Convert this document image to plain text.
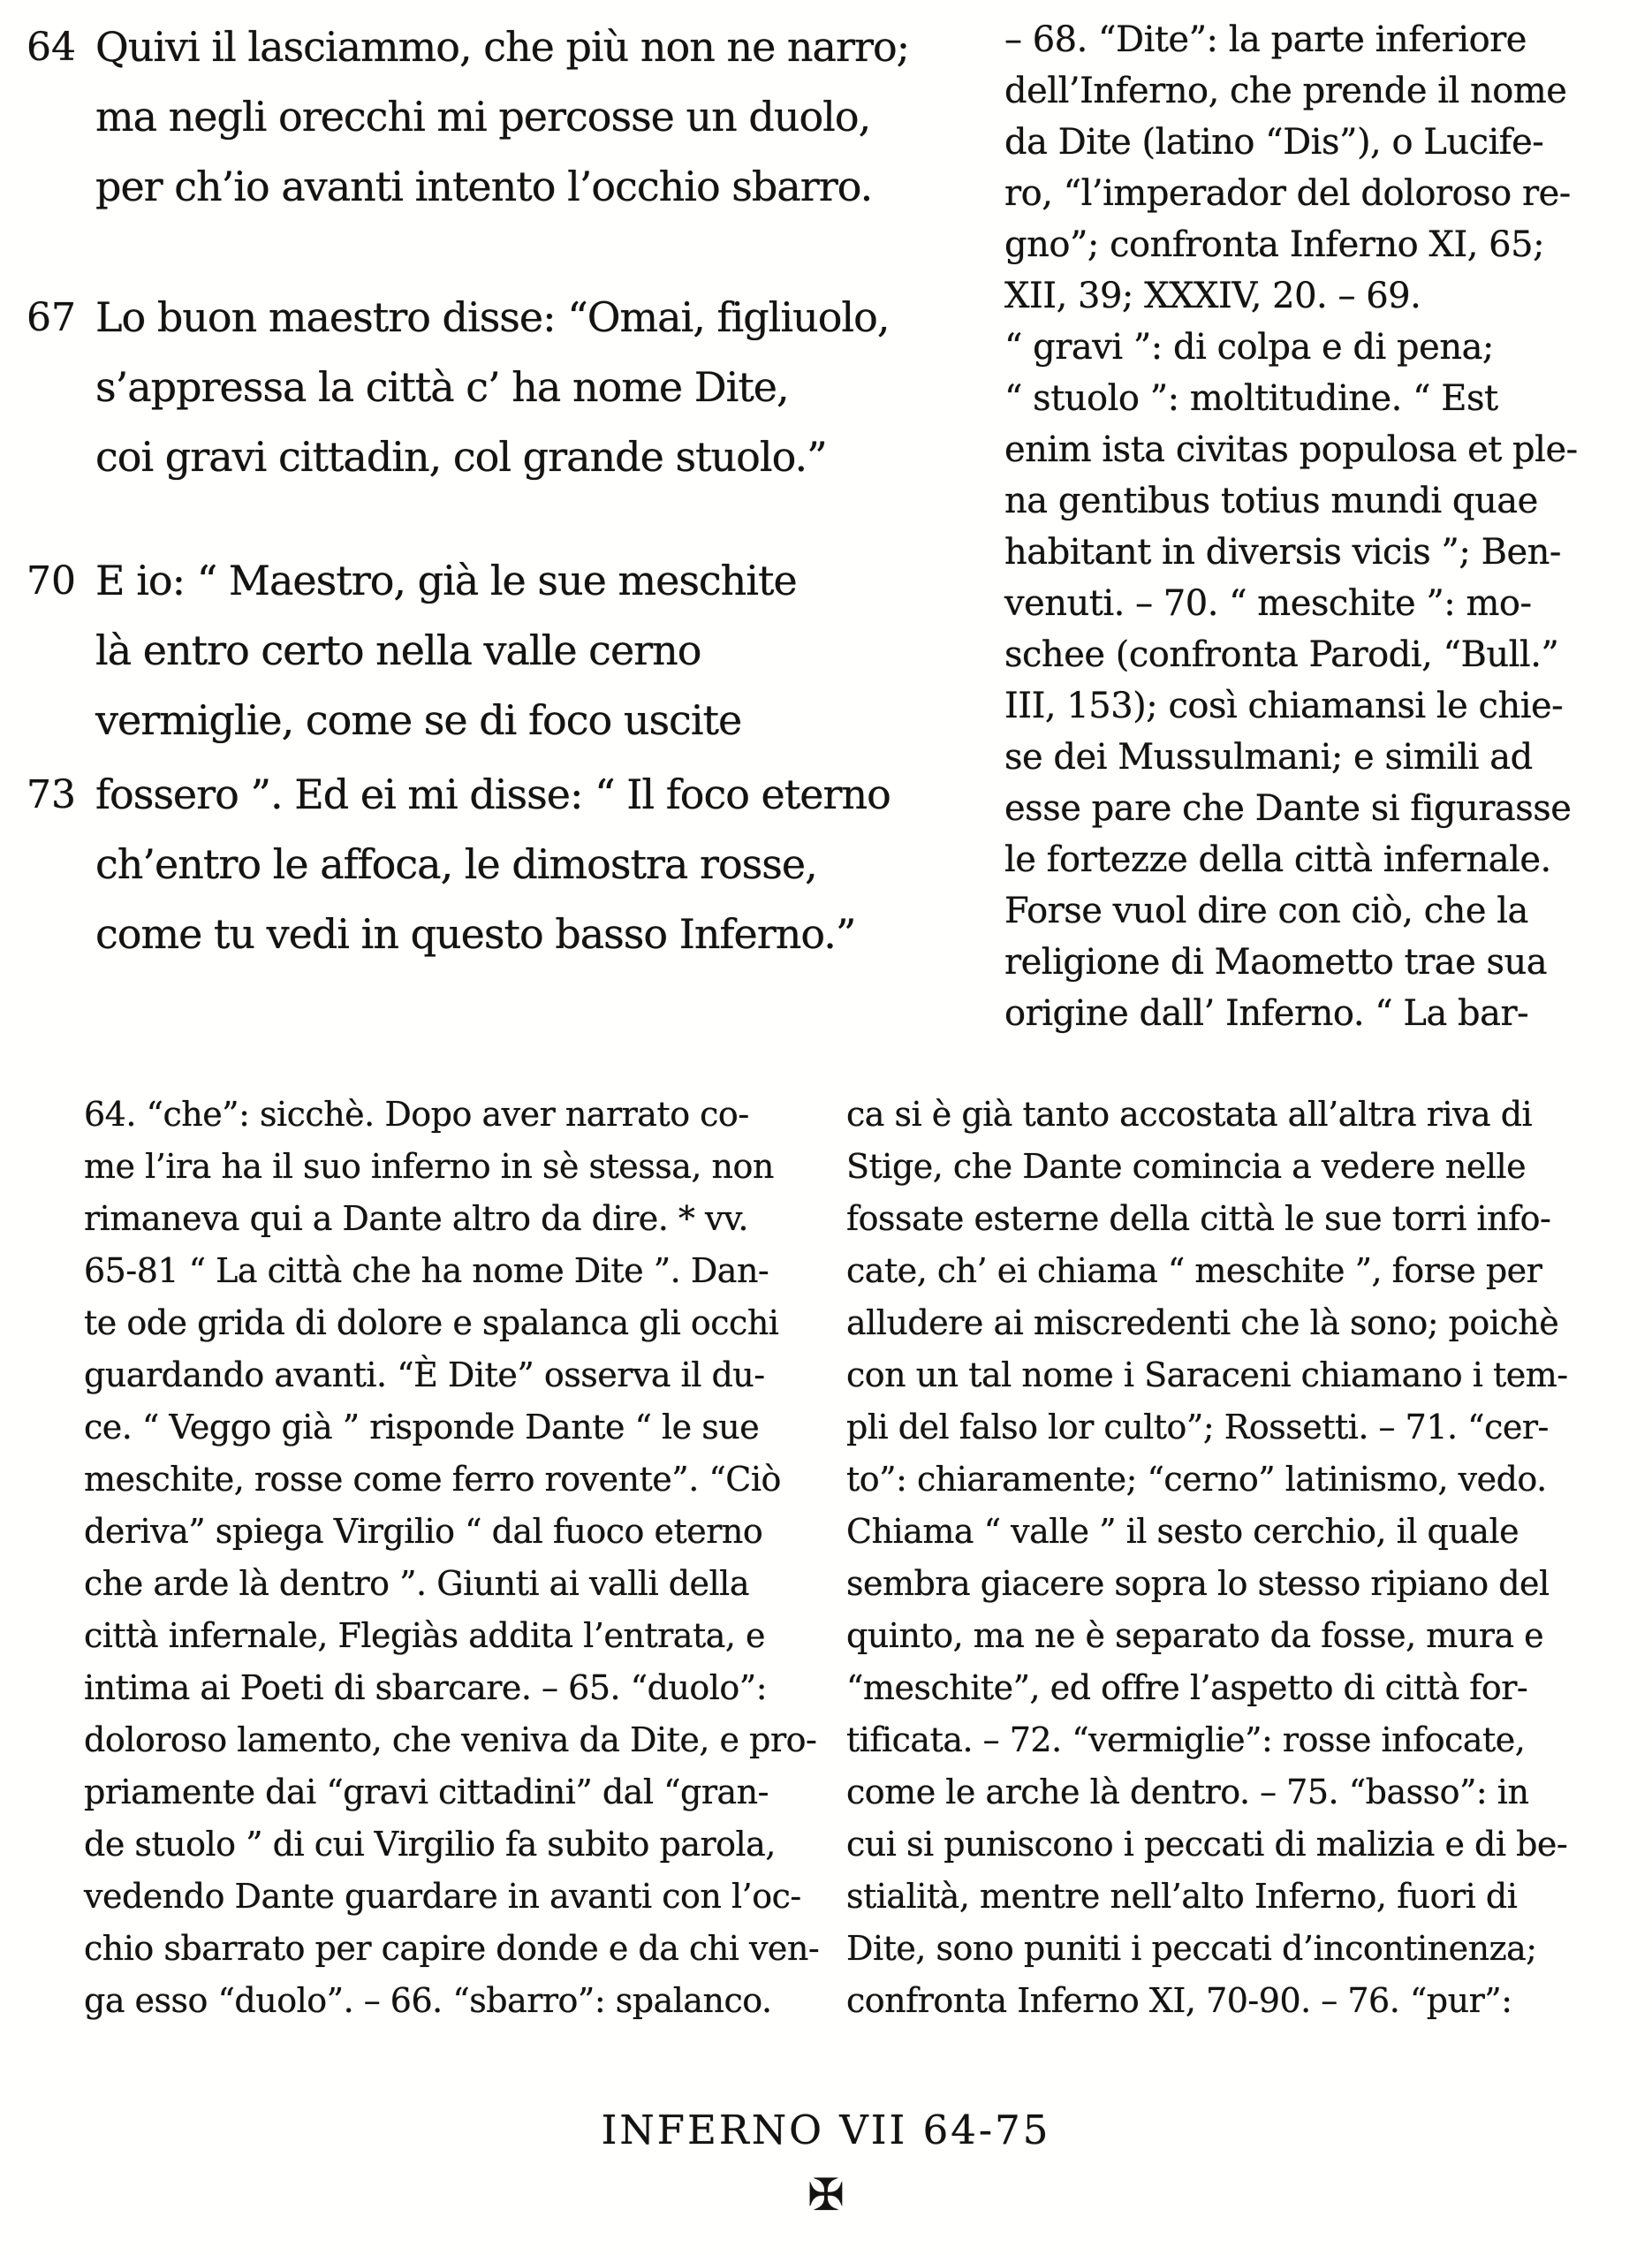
64 Quivi il lasciammo, che più non ne narro;
ma negli orecchi mi percosse un duolo,
per ch’io avanti intento l’occhio sbarro.
67 Lo buon maestro disse: “Omai, figliuolo,
s’appressa la città c’ ha nome Dite,
coi gravi cittadin, col grande stuolo.”
70 E io: “ Maestro, già le sue meschite
là entro certo nella valle cerno
vermiglie, come se di foco uscite
73 fossero ”. Ed ei mi disse: “ Il foco eterno
ch’entro le affoca, le dimostra rosse,
come tu vedi in questo basso Inferno.”
– 68. “Dite”: la parte inferiore
dell’Inferno, che prende il nome
da Dite (latino “Dis”), o Lucife-
ro, “l’imperador del doloroso re-
gno”; confronta Inferno XI, 65;
XII, 39; XXXIV, 20. – 69.
“ gravi ”: di colpa e di pena;
“ stuolo ”: moltitudine. “ Est
enim ista civitas populosa et ple-
na gentibus totius mundi quae
habitant in diversis vicis ”; Ben-
venuti. – 70. “ meschite ”: mo-
schee (confronta Parodi, “Bull.”
III, 153); così chiamansi le chie-
se dei Mussulmani; e simili ad
esse pare che Dante si figurasse
le fortezze della città infernale.
Forse vuol dire con ciò, che la
religione di Maometto trae sua
origine dall’ Inferno. “ La bar-
64. “che”: sicchè. Dopo aver narrato co-
me l’ira ha il suo inferno in sè stessa, non
rimaneva qui a Dante altro da dire. * vv.
65-81 “ La città che ha nome Dite ”. Dan-
te ode grida di dolore e spalanca gli occhi
guardando avanti. “È Dite” osserva il du-
ce. “ Veggo già ” risponde Dante “ le sue
meschite, rosse come ferro rovente”. “Ciò
deriva” spiega Virgilio “ dal fuoco eterno
che arde là dentro ”. Giunti ai valli della
città infernale, Flegiàs addita l’entrata, e
intima ai Poeti di sbarcare. – 65. “duolo”:
doloroso lamento, che veniva da Dite, e pro-
priamente dai “gravi cittadini” dal “gran-
de stuolo ” di cui Virgilio fa subito parola,
vedendo Dante guardare in avanti con l’oc-
chio sbarrato per capire donde e da chi ven-
ga esso “duolo”. – 66. “sbarro”: spalanco.
ca si è già tanto accostata all’altra riva di
Stige, che Dante comincia a vedere nelle
fossate esterne della città le sue torri info-
cate, ch’ ei chiama “ meschite ”, forse per
alludere ai miscredenti che là sono; poichè
con un tal nome i Saraceni chiamano i tem-
pli del falso lor culto”; Rossetti. – 71. “cer-
to”: chiaramente; “cerno” latinismo, vedo.
Chiama “ valle ” il sesto cerchio, il quale
sembra giacere sopra lo stesso ripiano del
quinto, ma ne è separato da fosse, mura e
“meschite”, ed offre l’aspetto di città for-
tificata. – 72. “vermiglie”: rosse infocate,
come le arche là dentro. – 75. “basso”: in
cui si puniscono i peccati di malizia e di be-
stialità, mentre nell’alto Inferno, fuori di
Dite, sono puniti i peccati d’incontinenza;
confronta Inferno XI, 70-90. – 76. “pur”:
INFERNO VII 64-75
✠
